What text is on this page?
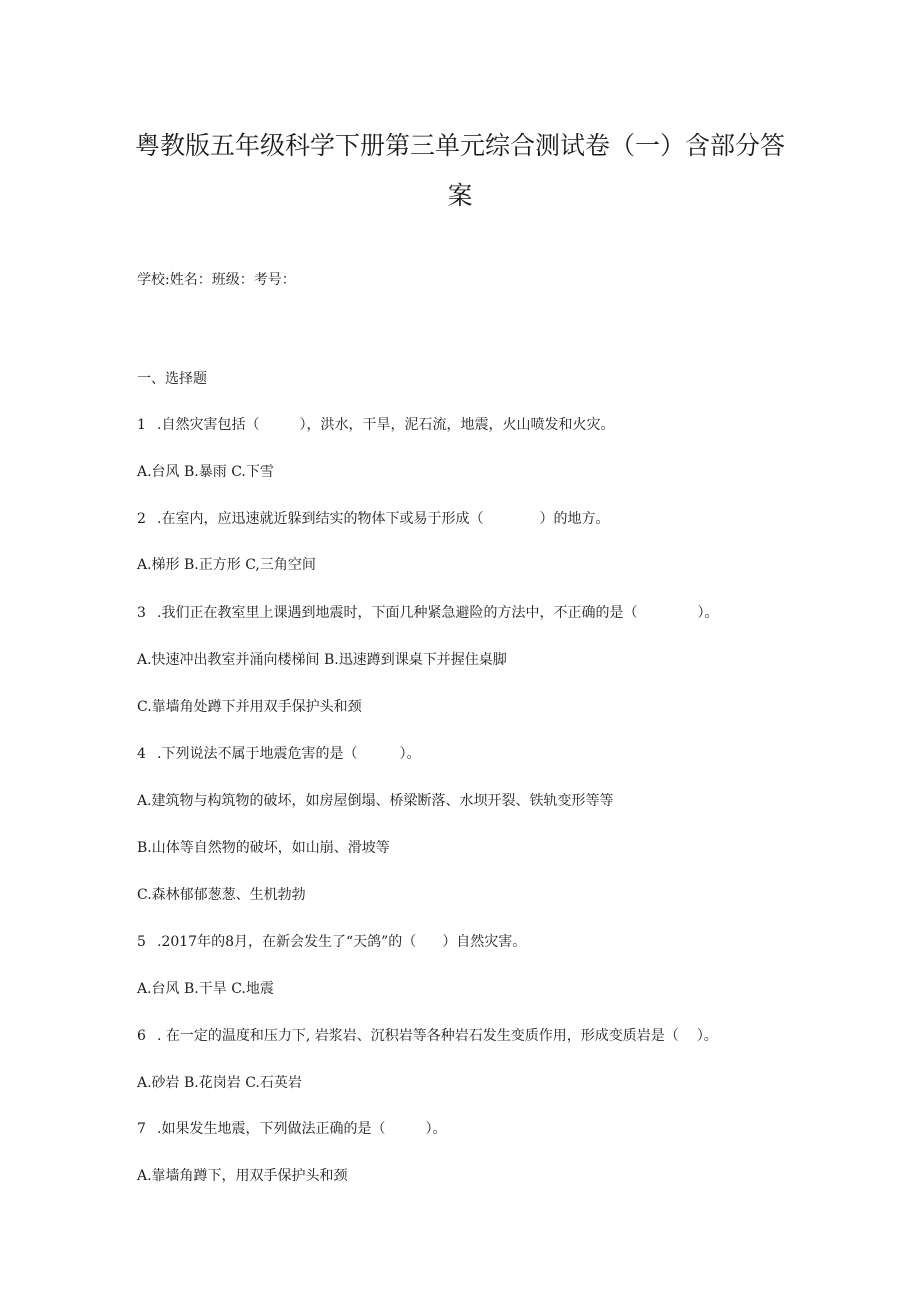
粤教版五年级科学下册第三单元综合测试卷（一）含部分答
案
学校:姓名：班级：考号：
一、选择题
1 .自然灾害包括（	），洪水，干旱，泥石流，地震，火山喷发和火灾。
A.台风 B.暴雨 C.下雪
2 .在室内，应迅速就近躲到结实的物体下或易于形成（	）的地方。
A.梯形 B.正方形 C,三角空间
3 .我们正在教室里上课遇到地震时，下面几种紧急避险的方法中，不正确的是（	）。
A.快速冲出教室并涌向楼梯间 B.迅速蹲到课桌下并握住桌脚
C.靠墙角处蹲下并用双手保护头和颈
4 .下列说法不属于地震危害的是（	）。
A.建筑物与构筑物的破坏，如房屋倒塌、桥梁断落、水坝开裂、铁轨变形等等
B.山体等自然物的破坏，如山崩、滑坡等
C.森林郁郁葱葱、生机勃勃
5 .2017年的8月，在新会发生了“天鸽”的（ ）自然灾害。
A.台风 B.干旱 C.地震
6 . 在一定的温度和压力下, 岩浆岩、沉积岩等各种岩石发生变质作用，形成变质岩是（ ）。
A.砂岩 B.花岗岩 C.石英岩
7 .如果发生地震，下列做法正确的是（	）。
A.靠墙角蹲下，用双手保护头和颈
